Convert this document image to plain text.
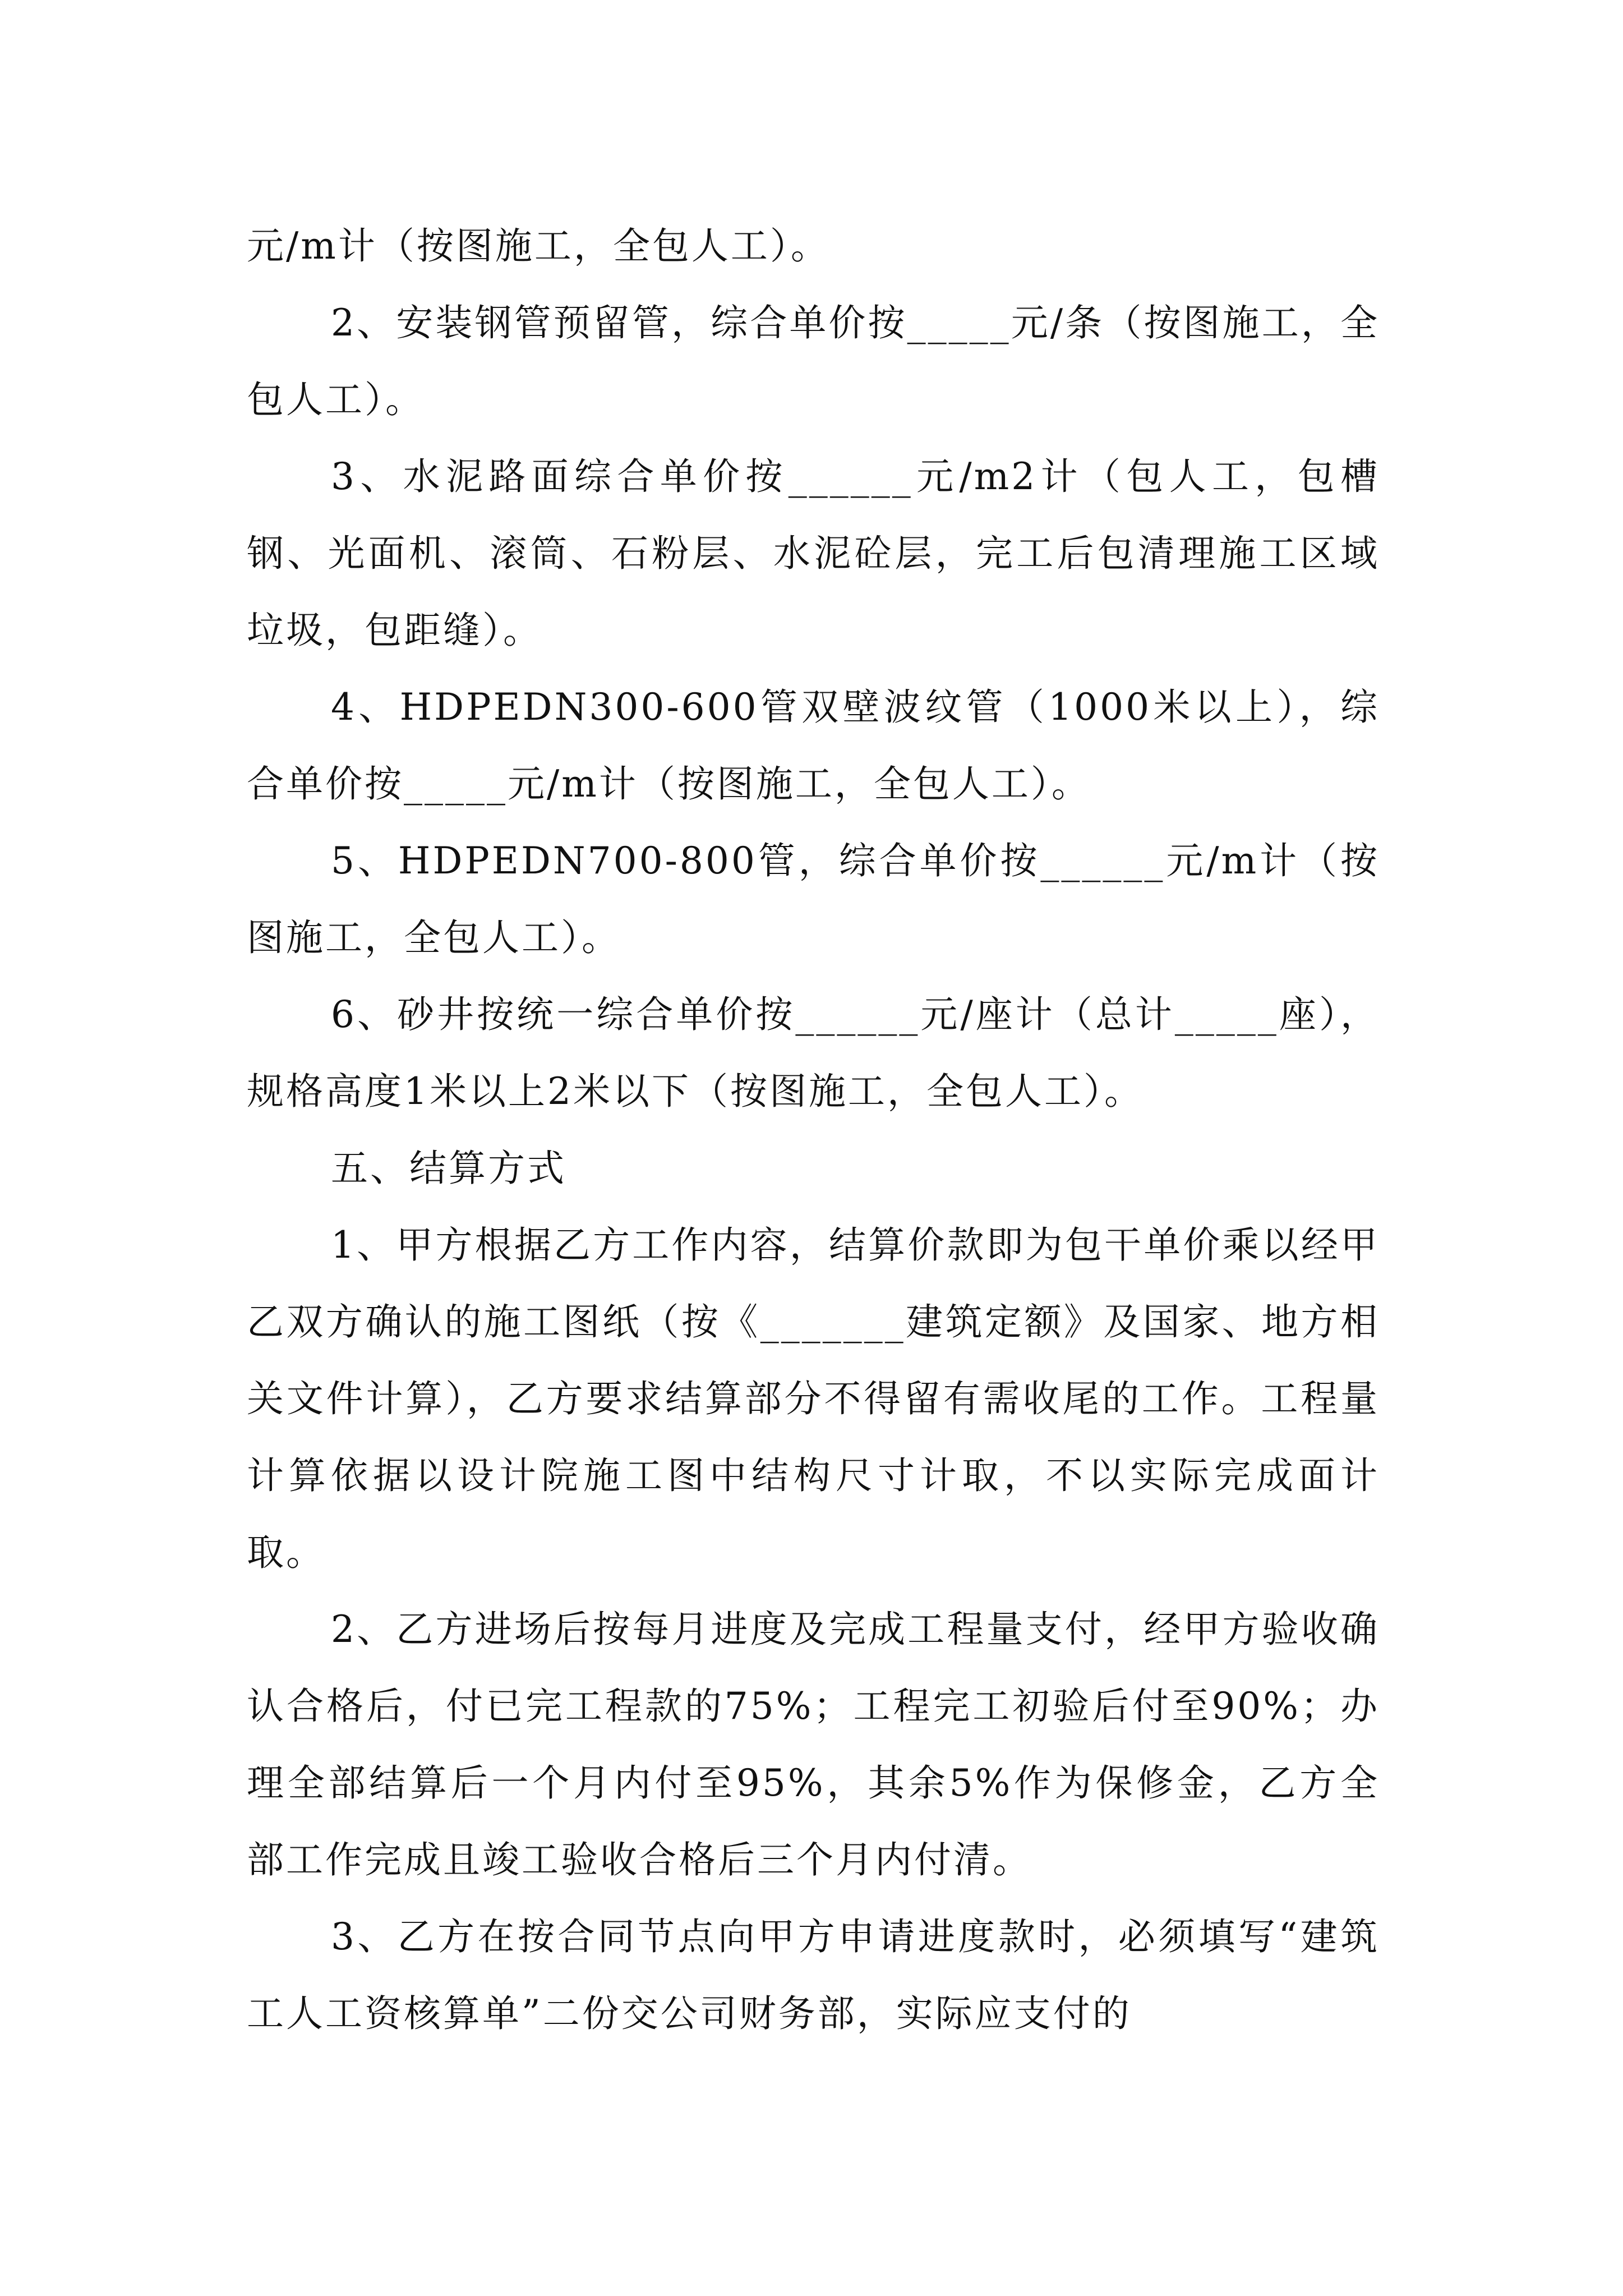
元/m计（按图施工，全包人工）。

2、安装钢管预留管，综合单价按_____元/条（按图施工，全包人工）。

3、水泥路面综合单价按______元/m2计（包人工，包槽钢、光面机、滚筒、石粉层、水泥砼层，完工后包清理施工区域垃圾，包距缝）。

4、HDPEDN300-600管双壁波纹管（1000米以上），综合单价按_____元/m计（按图施工，全包人工）。

5、HDPEDN700-800管，综合单价按______元/m计（按图施工，全包人工）。

6、砂井按统一综合单价按______元/座计（总计_____座），规格高度1米以上2米以下（按图施工，全包人工）。

五、结算方式

1、甲方根据乙方工作内容，结算价款即为包干单价乘以经甲乙双方确认的施工图纸（按《_______建筑定额》及国家、地方相关文件计算），乙方要求结算部分不得留有需收尾的工作。工程量计算依据以设计院施工图中结构尺寸计取，不以实际完成面计取。

2、乙方进场后按每月进度及完成工程量支付，经甲方验收确认合格后，付已完工程款的75%；工程完工初验后付至90%；办理全部结算后一个月内付至95%，其余5%作为保修金，乙方全部工作完成且竣工验收合格后三个月内付清。

3、乙方在按合同节点向甲方申请进度款时，必须填写“建筑工人工资核算单”二份交公司财务部，实际应支付的
